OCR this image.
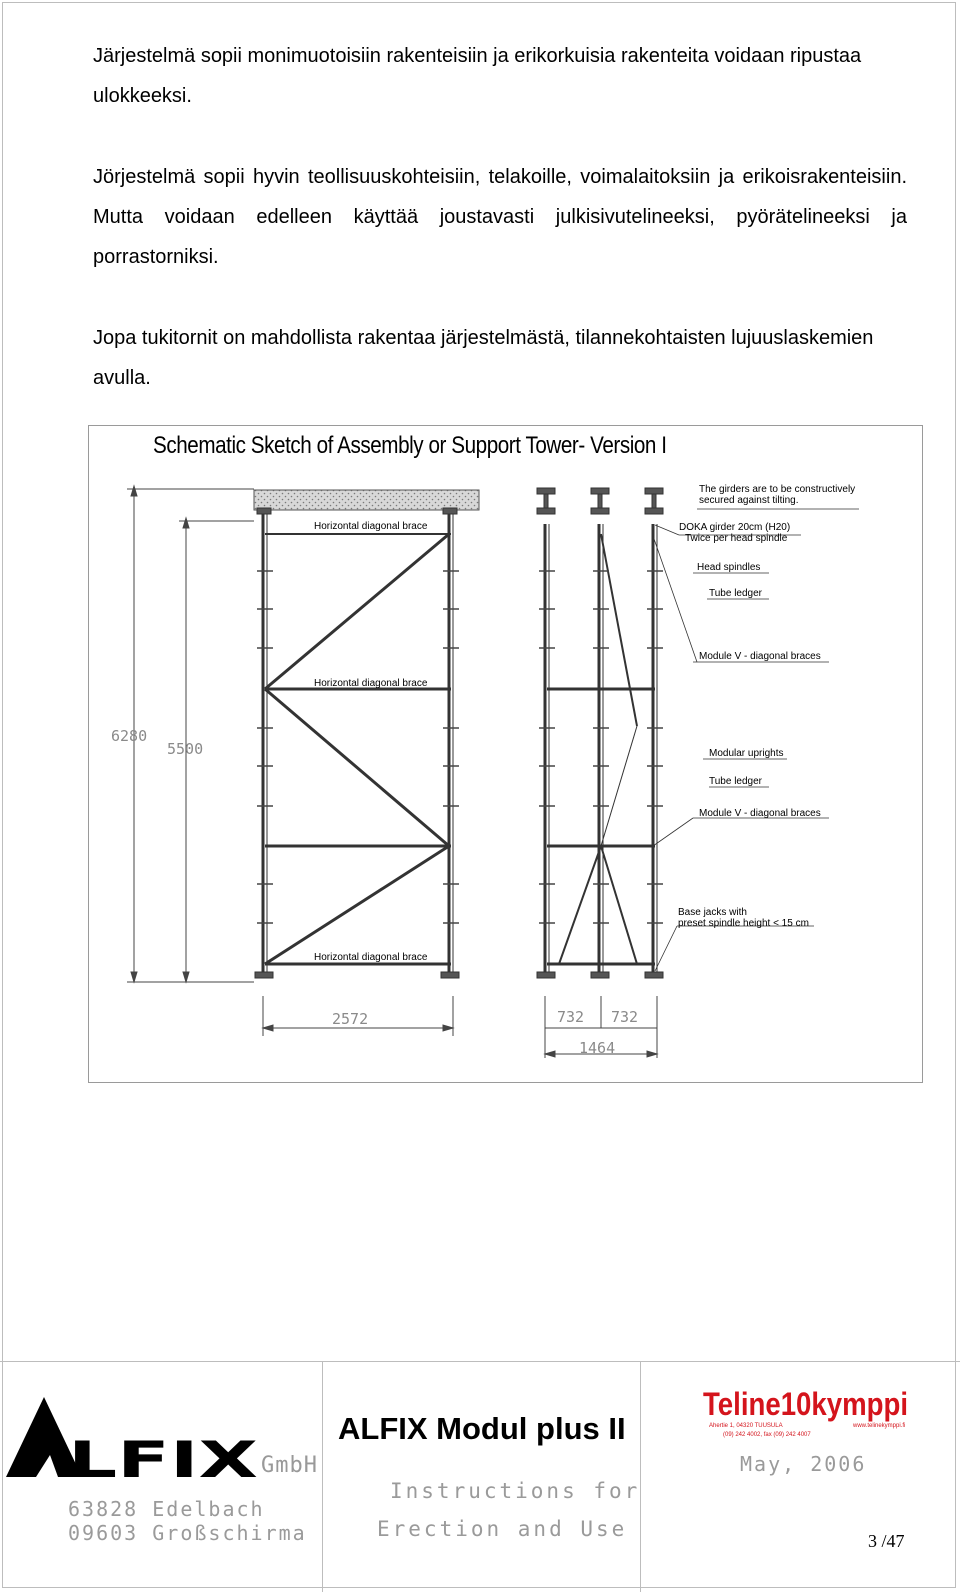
Järjestelmä sopii monimuotoisiin rakenteisiin ja erikorkuisia rakenteita voidaan ripustaa ulokkeeksi.

Jörjestelmä sopii hyvin teollisuuskohteisiin, telakoille, voimalaitoksiin ja erikoisrakenteisiin. Mutta voidaan edelleen käyttää joustavasti julkisivutelineeksi, pyörätelineeksi ja porrastorniksi.

Jopa tukitornit on mahdollista rakentaa järjestelmästä, tilannekohtaisten lujuuslaskemien avulla.

Schematic Sketch of Assembly or Support Tower- Version I
Horizontal diagonal brace
Horizontal diagonal brace
Horizontal diagonal brace
The girders are to be constructively
secured against tilting.
DOKA girder 20cm (H20)
Twice per head spindle
Head spindles
Tube ledger
Module V - diagonal braces
Modular uprights
Tube ledger
Module V - diagonal braces
Base jacks with
preset spindle height < 15 cm
6280
5500
2572	732 732
1464
LFIX GmbH
63828 Edelbach
09603 Großschirma
ALFIX Modul plus II
Instructions for
Erection and Use
Teline10kymppi
Ahertie 1, 04320 TUUSULA	www.telinekymppi.fi
(09) 242 4002, fax (09) 242 4007
May, 2006
3 /47
